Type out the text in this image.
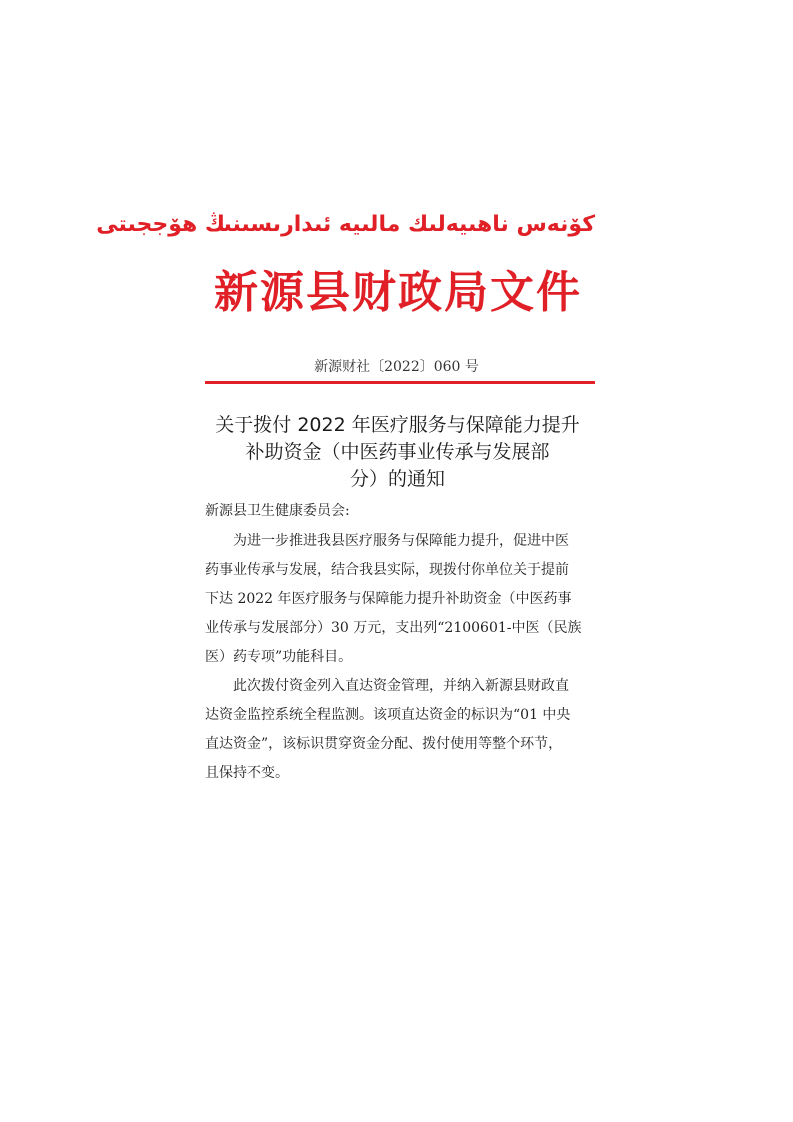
كۆنەس ناھىيەلىك مالىيە ئىدارىسىنىڭ ھۆججىتى
新源县财政局文件
新源财社〔2022〕060 号
关于拨付 2022 年医疗服务与保障能力提升
补助资金（中医药事业传承与发展部
分）的通知
新源县卫生健康委员会:
　　为进一步推进我县医疗服务与保障能力提升，促进中医
药事业传承与发展，结合我县实际，现拨付你单位关于提前
下达 2022 年医疗服务与保障能力提升补助资金（中医药事
业传承与发展部分）30 万元，支出列“2100601-中医（民族
医）药专项”功能科目。
　　此次拨付资金列入直达资金管理，并纳入新源县财政直
达资金监控系统全程监测。该项直达资金的标识为“01 中央
直达资金”，该标识贯穿资金分配、拨付使用等整个环节，
且保持不变。
